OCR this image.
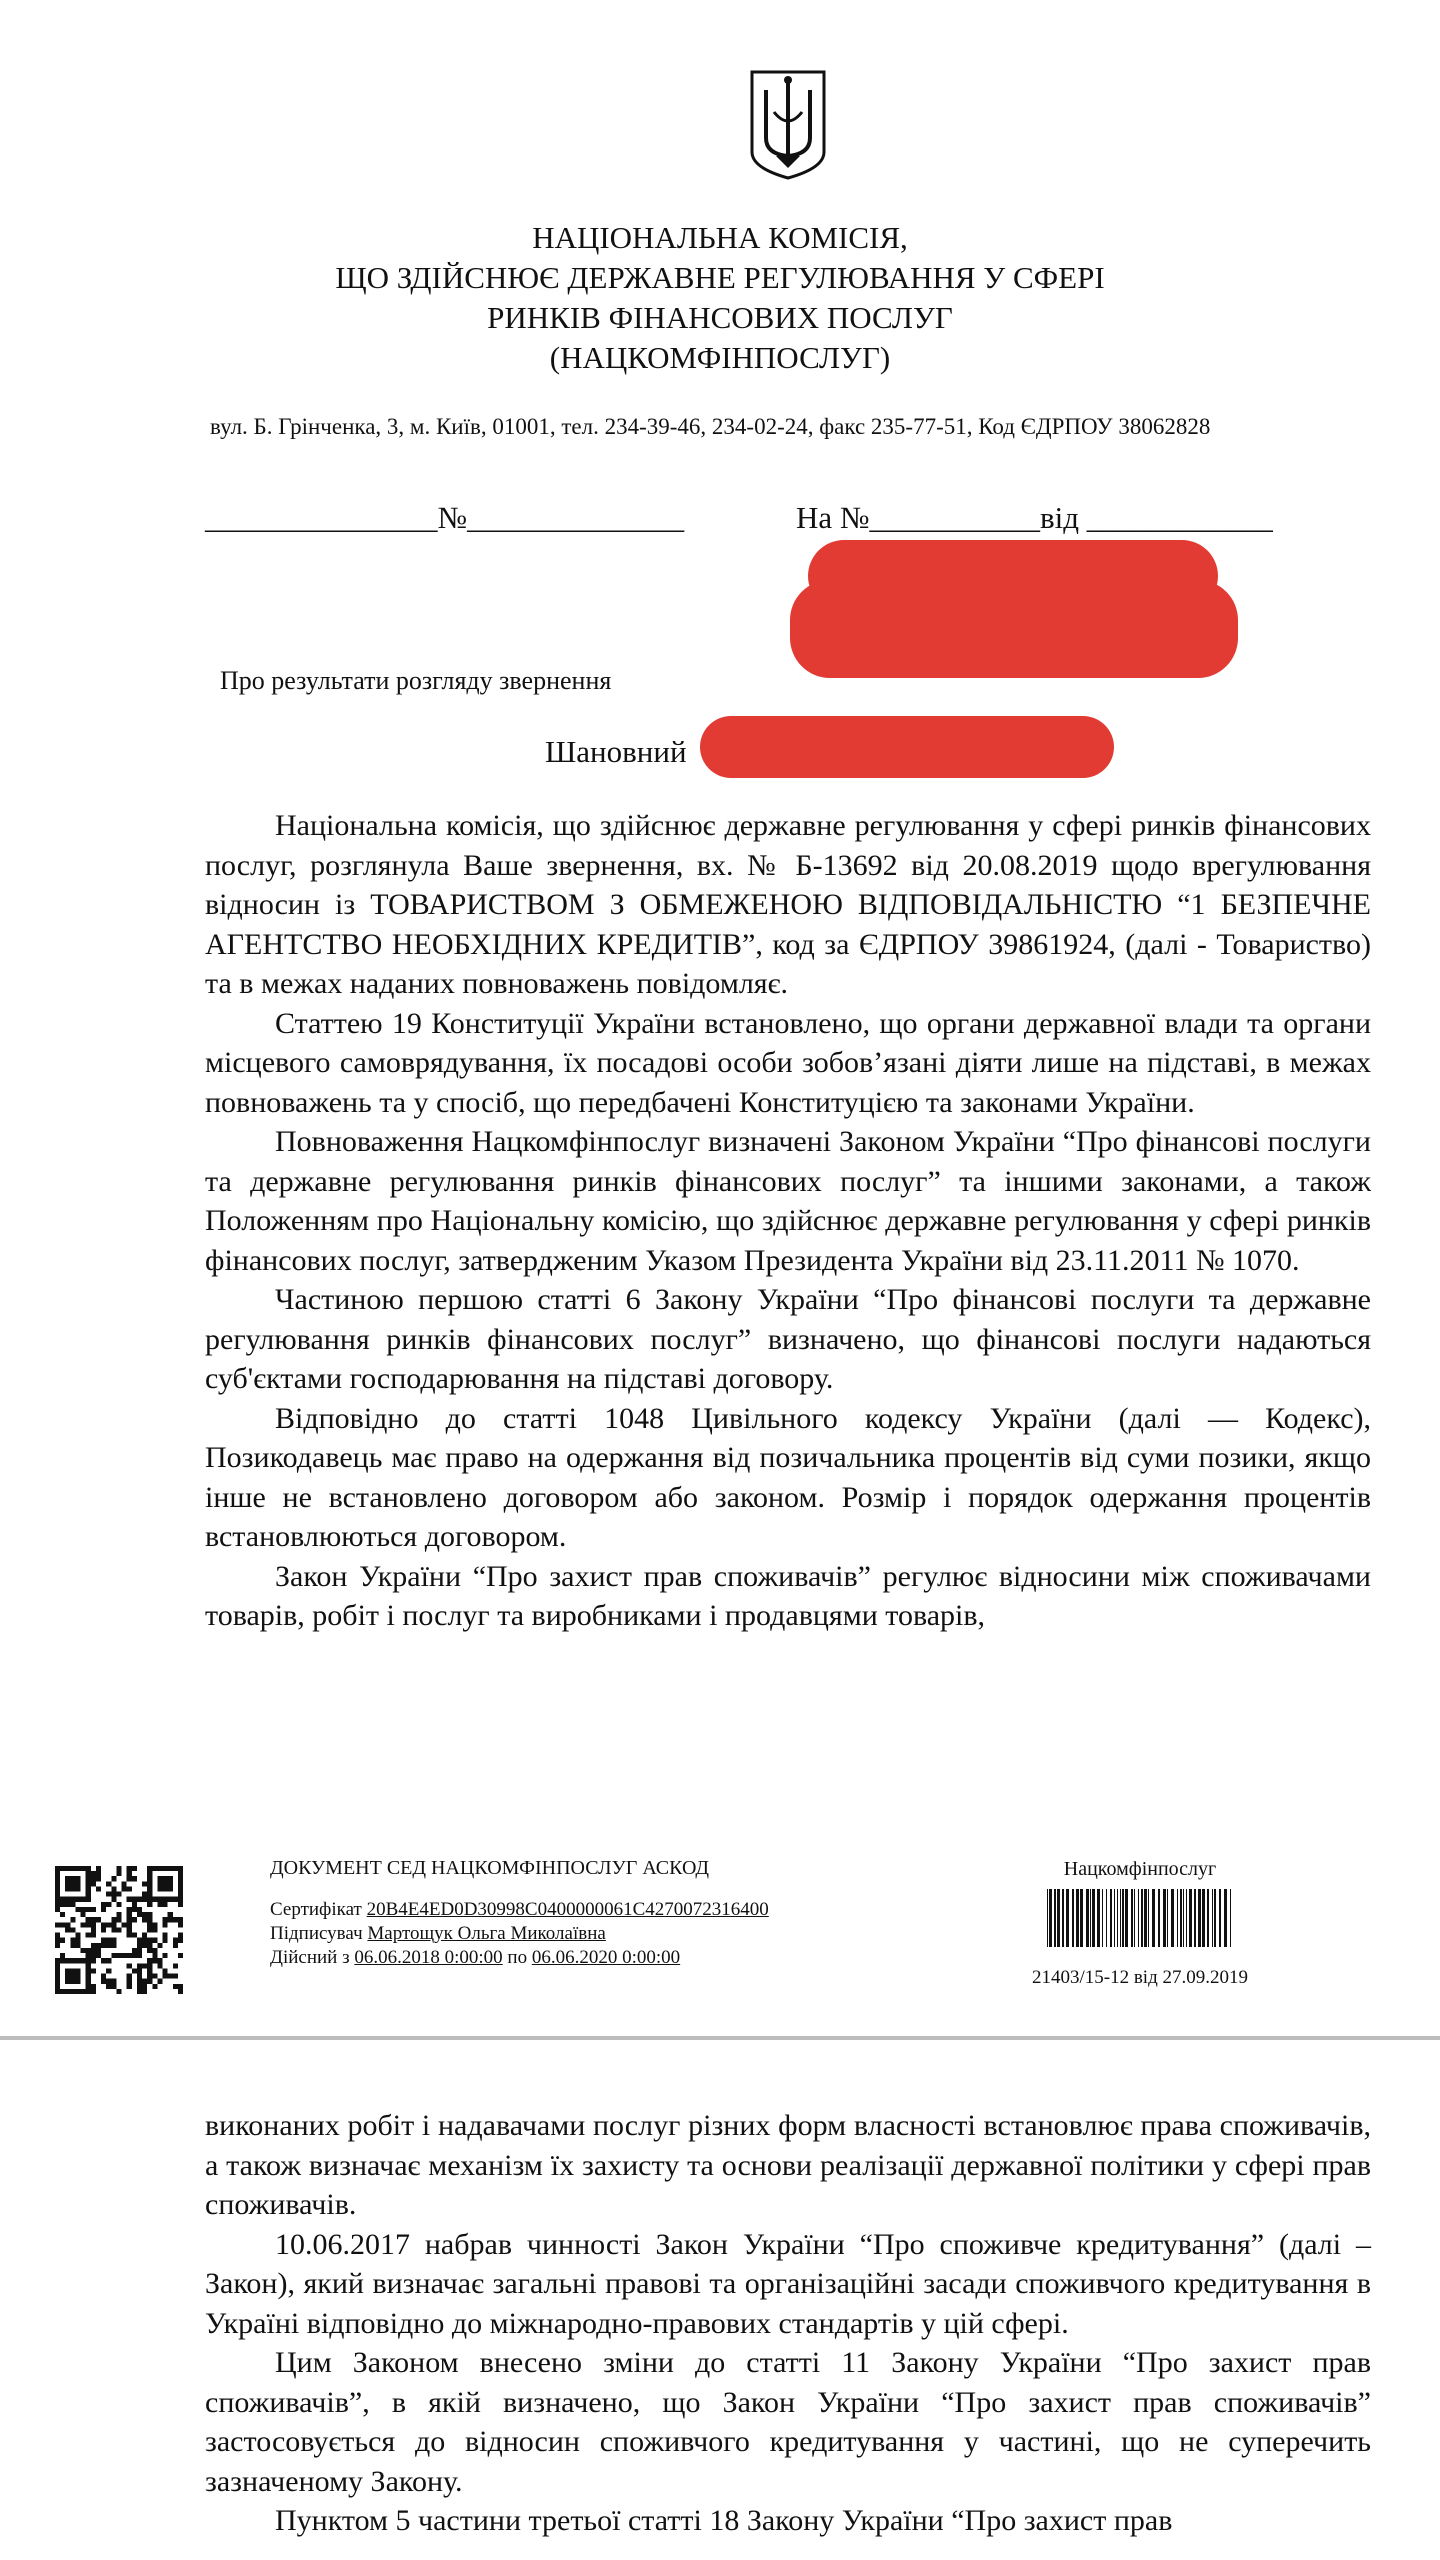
НАЦІОНАЛЬНА КОМІСІЯ,
ЩО ЗДІЙСНЮЄ ДЕРЖАВНЕ РЕГУЛЮВАННЯ У СФЕРІ
РИНКІВ ФІНАНСОВИХ ПОСЛУГ
(НАЦКОМФІНПОСЛУГ)
вул. Б. Грінченка, 3, м. Київ, 01001, тел. 234-39-46, 234-02-24, факс 235-77-51, Код ЄДРПОУ 38062828
_______________№______________	На №___________від ____________
Про результати розгляду звернення
Шановний

Національна комісія, що здійснює державне регулювання у сфері ринків фінансових послуг, розглянула Ваше звернення, вх. № Б-13692 від 20.08.2019 щодо врегулювання відносин із ТОВАРИСТВОМ З ОБМЕЖЕНОЮ ВІДПОВІДАЛЬНІСТЮ “1 БЕЗПЕЧНЕ АГЕНТСТВО НЕОБХІДНИХ КРЕДИТІВ”, код за ЄДРПОУ 39861924, (далі - Товариство) та в межах наданих повноважень повідомляє.

Статтею 19 Конституції України встановлено, що органи державної влади та органи місцевого самоврядування, їх посадові особи зобов’язані діяти лише на підставі, в межах повноважень та у спосіб, що передбачені Конституцією та законами України.

Повноваження Нацкомфінпослуг визначені Законом України “Про фінансові послуги та державне регулювання ринків фінансових послуг” та іншими законами, а також Положенням про Національну комісію, що здійснює державне регулювання у сфері ринків фінансових послуг, затвердженим Указом Президента України від 23.11.2011 № 1070.

Частиною першою статті 6 Закону України “Про фінансові послуги та державне регулювання ринків фінансових послуг” визначено, що фінансові послуги надаються суб'єктами господарювання на підставі договору.

Відповідно до статті 1048 Цивільного кодексу України (далі — Кодекс), Позикодавець має право на одержання від позичальника процентів від суми позики, якщо інше не встановлено договором або законом. Розмір і порядок одержання процентів встановлюються договором.

Закон України “Про захист прав споживачів” регулює відносини між споживачами товарів, робіт і послуг та виробниками і продавцями товарів,

ДОКУМЕНТ СЕД НАЦКОМФІНПОСЛУГ АСКОД
Сертифікат 20B4E4ED0D30998C0400000061C4270072316400
Підписувач Мартощук Ольга Миколаївна
Дійсний з 06.06.2018 0:00:00 по 06.06.2020 0:00:00
Нацкомфінпослуг
21403/15-12 від 27.09.2019

виконаних робіт і надавачами послуг різних форм власності встановлює права споживачів, а також визначає механізм їх захисту та основи реалізації державної політики у сфері прав споживачів.

10.06.2017 набрав чинності Закон України “Про споживче кредитування” (далі – Закон), який визначає загальні правові та організаційні засади споживчого кредитування в Україні відповідно до міжнародно-правових стандартів у цій сфері.

Цим Законом внесено зміни до статті 11 Закону України “Про захист прав споживачів”, в якій визначено, що Закон України “Про захист прав споживачів” застосовується до відносин споживчого кредитування у частині, що не суперечить зазначеному Закону.

Пунктом 5 частини третьої статті 18 Закону України “Про захист прав
